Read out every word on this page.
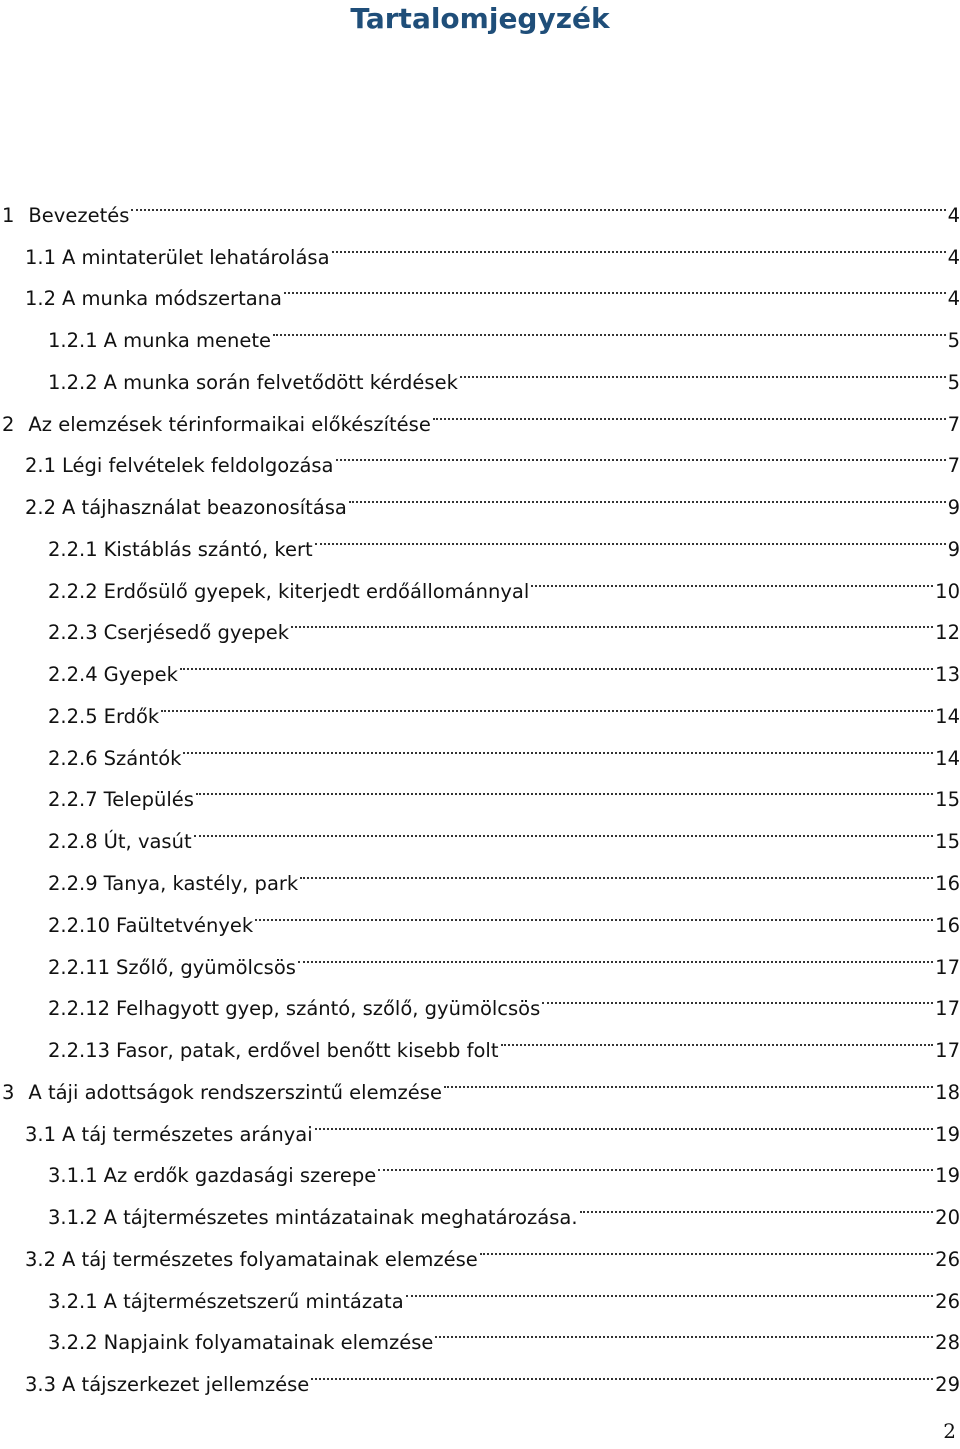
Tartalomjegyzék
1 Bevezetés	4
1.1 A mintaterület lehatárolása	4
1.2 A munka módszertana	4
1.2.1 A munka menete	5
1.2.2 A munka során felvetődött kérdések	5
2 Az elemzések térinformaikai előkészítése	7
2.1 Légi felvételek feldolgozása	7
2.2 A tájhasználat beazonosítása	9
2.2.1 Kistáblás szántó, kert	9
2.2.2 Erdősülő gyepek, kiterjedt erdőállománnyal	10
2.2.3 Cserjésedő gyepek	12
2.2.4 Gyepek	13
2.2.5 Erdők	14
2.2.6 Szántók	14
2.2.7 Település	15
2.2.8 Út, vasút	15
2.2.9 Tanya, kastély, park	16
2.2.10 Faültetvények	16
2.2.11 Szőlő, gyümölcsös	17
2.2.12 Felhagyott gyep, szántó, szőlő, gyümölcsös	17
2.2.13 Fasor, patak, erdővel benőtt kisebb folt	17
3 A táji adottságok rendszerszintű elemzése	18
3.1 A táj természetes arányai	19
3.1.1 Az erdők gazdasági szerepe	19
3.1.2 A tájtermészetes mintázatainak meghatározása.	20
3.2 A táj természetes folyamatainak elemzése	26
3.2.1 A tájtermészetszerű mintázata	26
3.2.2 Napjaink folyamatainak elemzése	28
3.3 A tájszerkezet jellemzése	29
2
